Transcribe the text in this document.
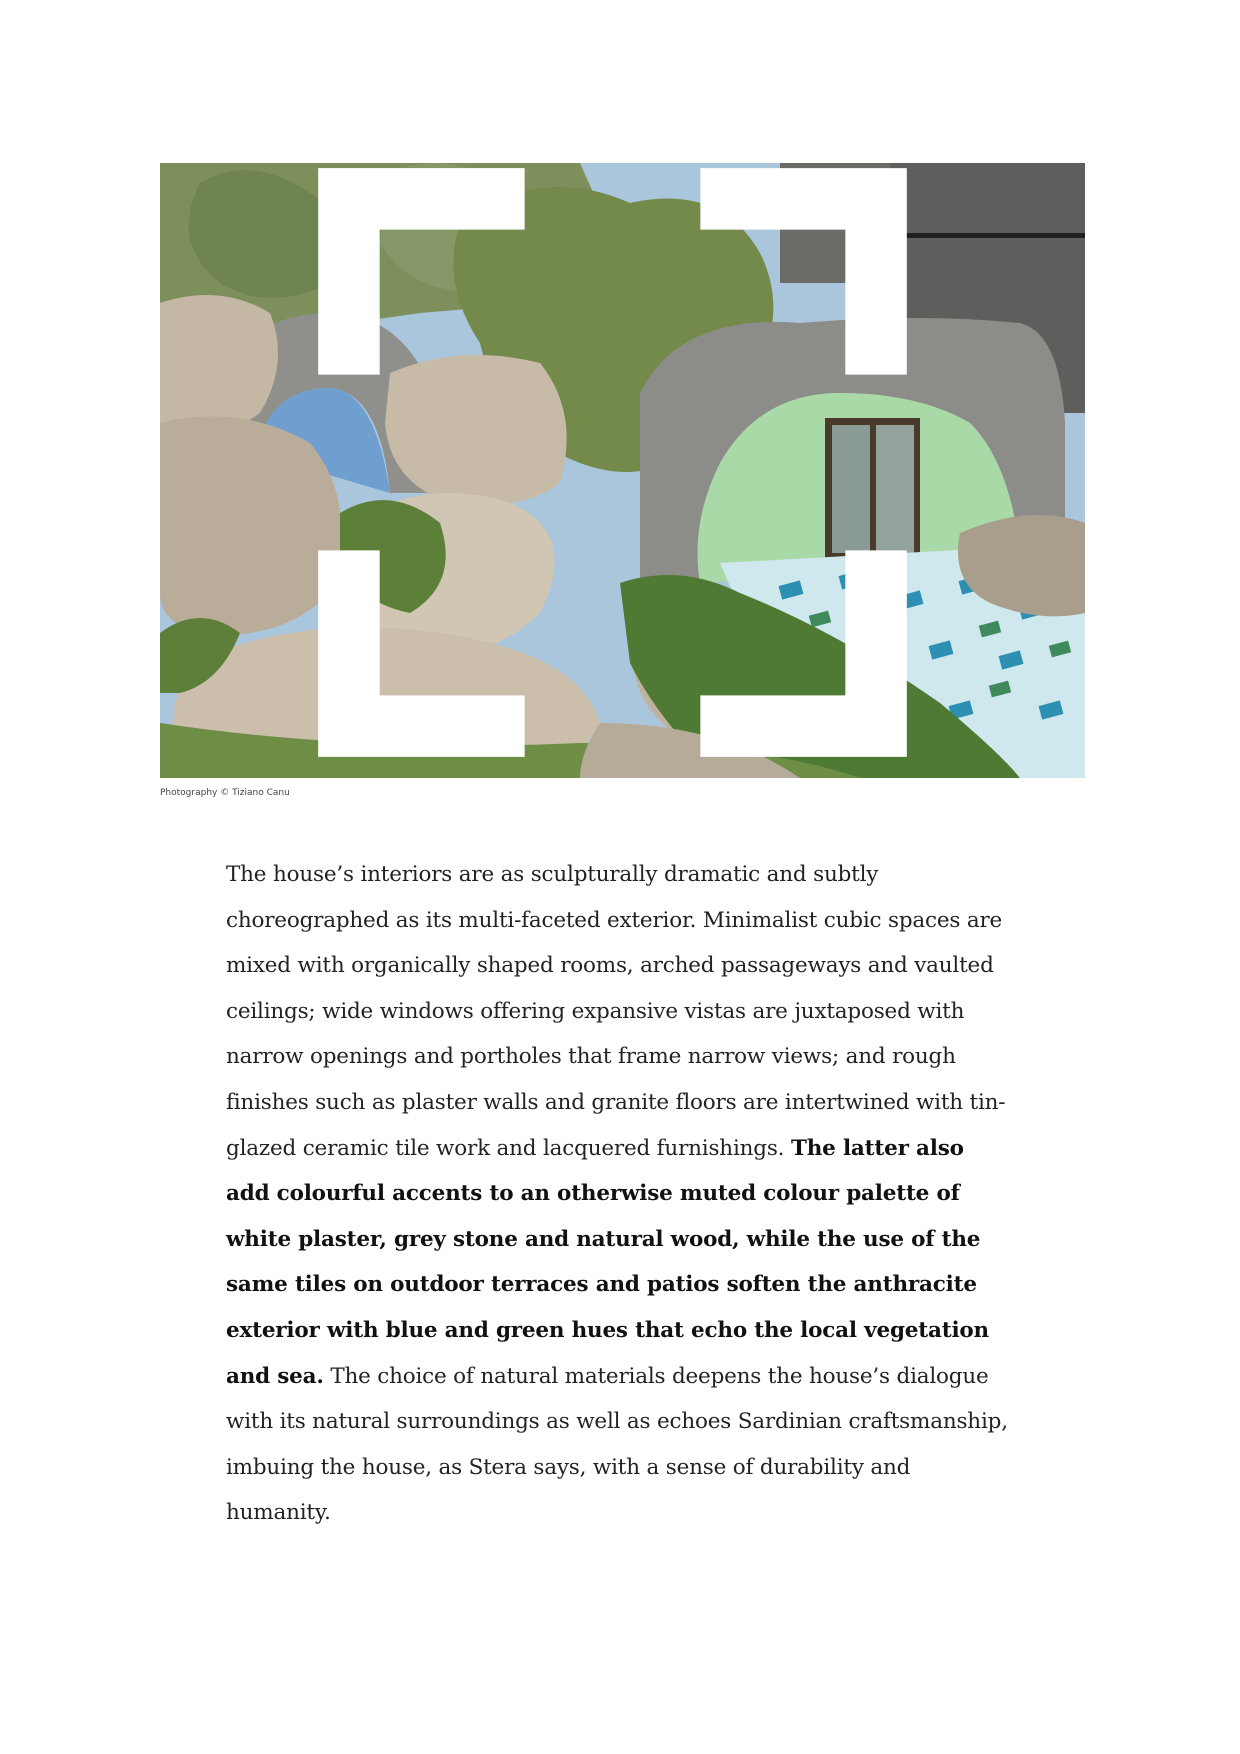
Photography © Tiziano Canu

The house’s interiors are as sculpturally dramatic and subtly choreographed as its multi-faceted exterior. Minimalist cubic spaces are mixed with organically shaped rooms, arched passageways and vaulted ceilings; wide windows offering expansive vistas are juxtaposed with narrow openings and portholes that frame narrow views; and rough finishes such as plaster walls and granite floors are intertwined with tin-glazed ceramic tile work and lacquered furnishings. The latter also add colourful accents to an otherwise muted colour palette of white plaster, grey stone and natural wood, while the use of the same tiles on outdoor terraces and patios soften the anthracite exterior with blue and green hues that echo the local vegetation and sea. The choice of natural materials deepens the house’s dialogue with its natural surroundings as well as echoes Sardinian craftsmanship, imbuing the house, as Stera says, with a sense of durability and humanity.
